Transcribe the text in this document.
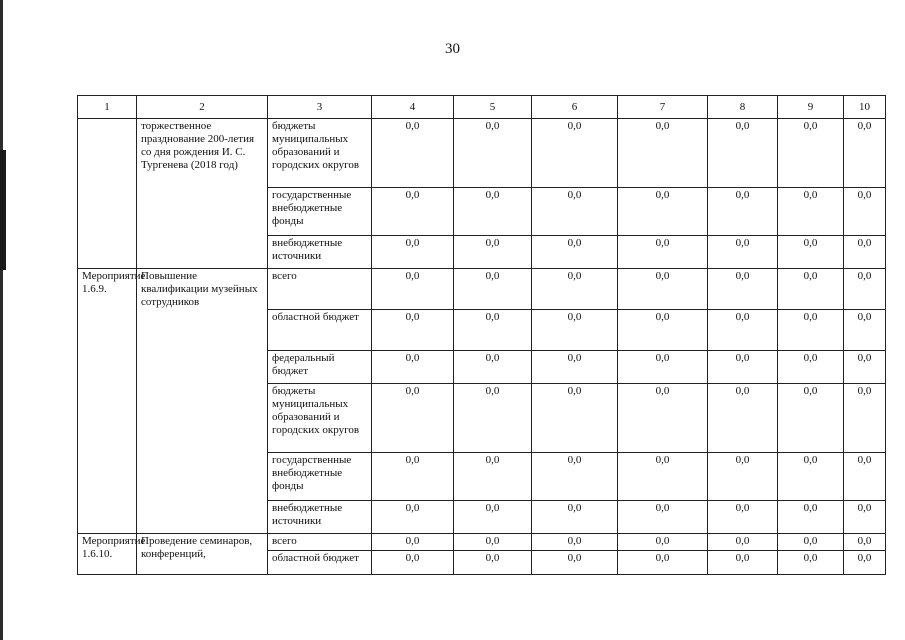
30
1	2	3	4	5	6	7	8	9	10
	торжественное празднование 200-летия со дня рождения И. С. Тургенева (2018 год)	бюджеты муниципальных образований и городских округов	0,0	0,0	0,0	0,0	0,0	0,0	0,0
		государственные внебюджетные фонды	0,0	0,0	0,0	0,0	0,0	0,0	0,0
		внебюджетные источники	0,0	0,0	0,0	0,0	0,0	0,0	0,0
Мероприятие 1.6.9.	Повышение квалификации музейных сотрудников	всего	0,0	0,0	0,0	0,0	0,0	0,0	0,0
		областной бюджет	0,0	0,0	0,0	0,0	0,0	0,0	0,0
		федеральный бюджет	0,0	0,0	0,0	0,0	0,0	0,0	0,0
		бюджеты муниципальных образований и городских округов	0,0	0,0	0,0	0,0	0,0	0,0	0,0
		государственные внебюджетные фонды	0,0	0,0	0,0	0,0	0,0	0,0	0,0
		внебюджетные источники	0,0	0,0	0,0	0,0	0,0	0,0	0,0
Мероприятие 1.6.10.	Проведение семинаров, конференций,	всего	0,0	0,0	0,0	0,0	0,0	0,0	0,0
		областной бюджет	0,0	0,0	0,0	0,0	0,0	0,0	0,0
